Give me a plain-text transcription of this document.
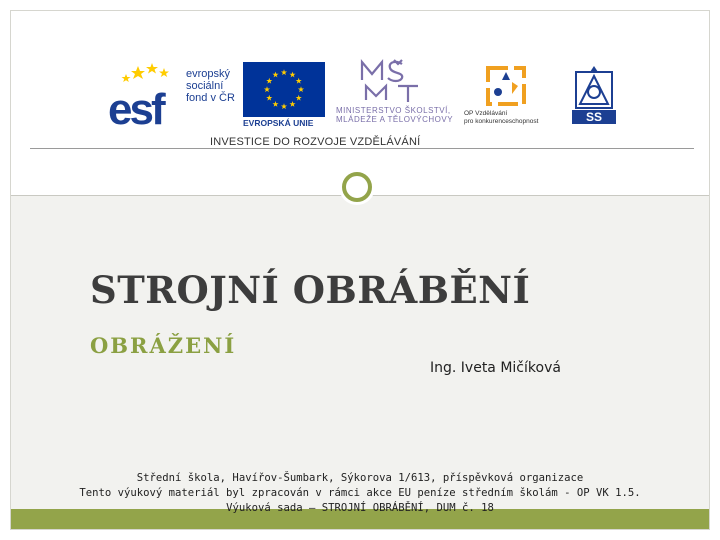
esf
evropský
sociální
fond v ČR
EVROPSKÁ UNIE
MINISTERSTVO ŠKOLSTVÍ,
MLÁDEŽE A TĚLOVÝCHOVY
OP Vzdělávání
pro konkurenceschopnost	SS
INVESTICE DO ROZVOJE VZDĚLÁVÁNÍ
STROJNÍ OBRÁBĚNÍ
OBRÁŽENÍ
Ing. Iveta Mičíková
Střední škola, Havířov-Šumbark, Sýkorova 1/613, příspěvková organizace
Tento výukový materiál byl zpracován v rámci akce EU peníze středním školám - OP VK 1.5.
Výuková sada – STROJNÍ OBRÁBĚNÍ, DUM č. 18
